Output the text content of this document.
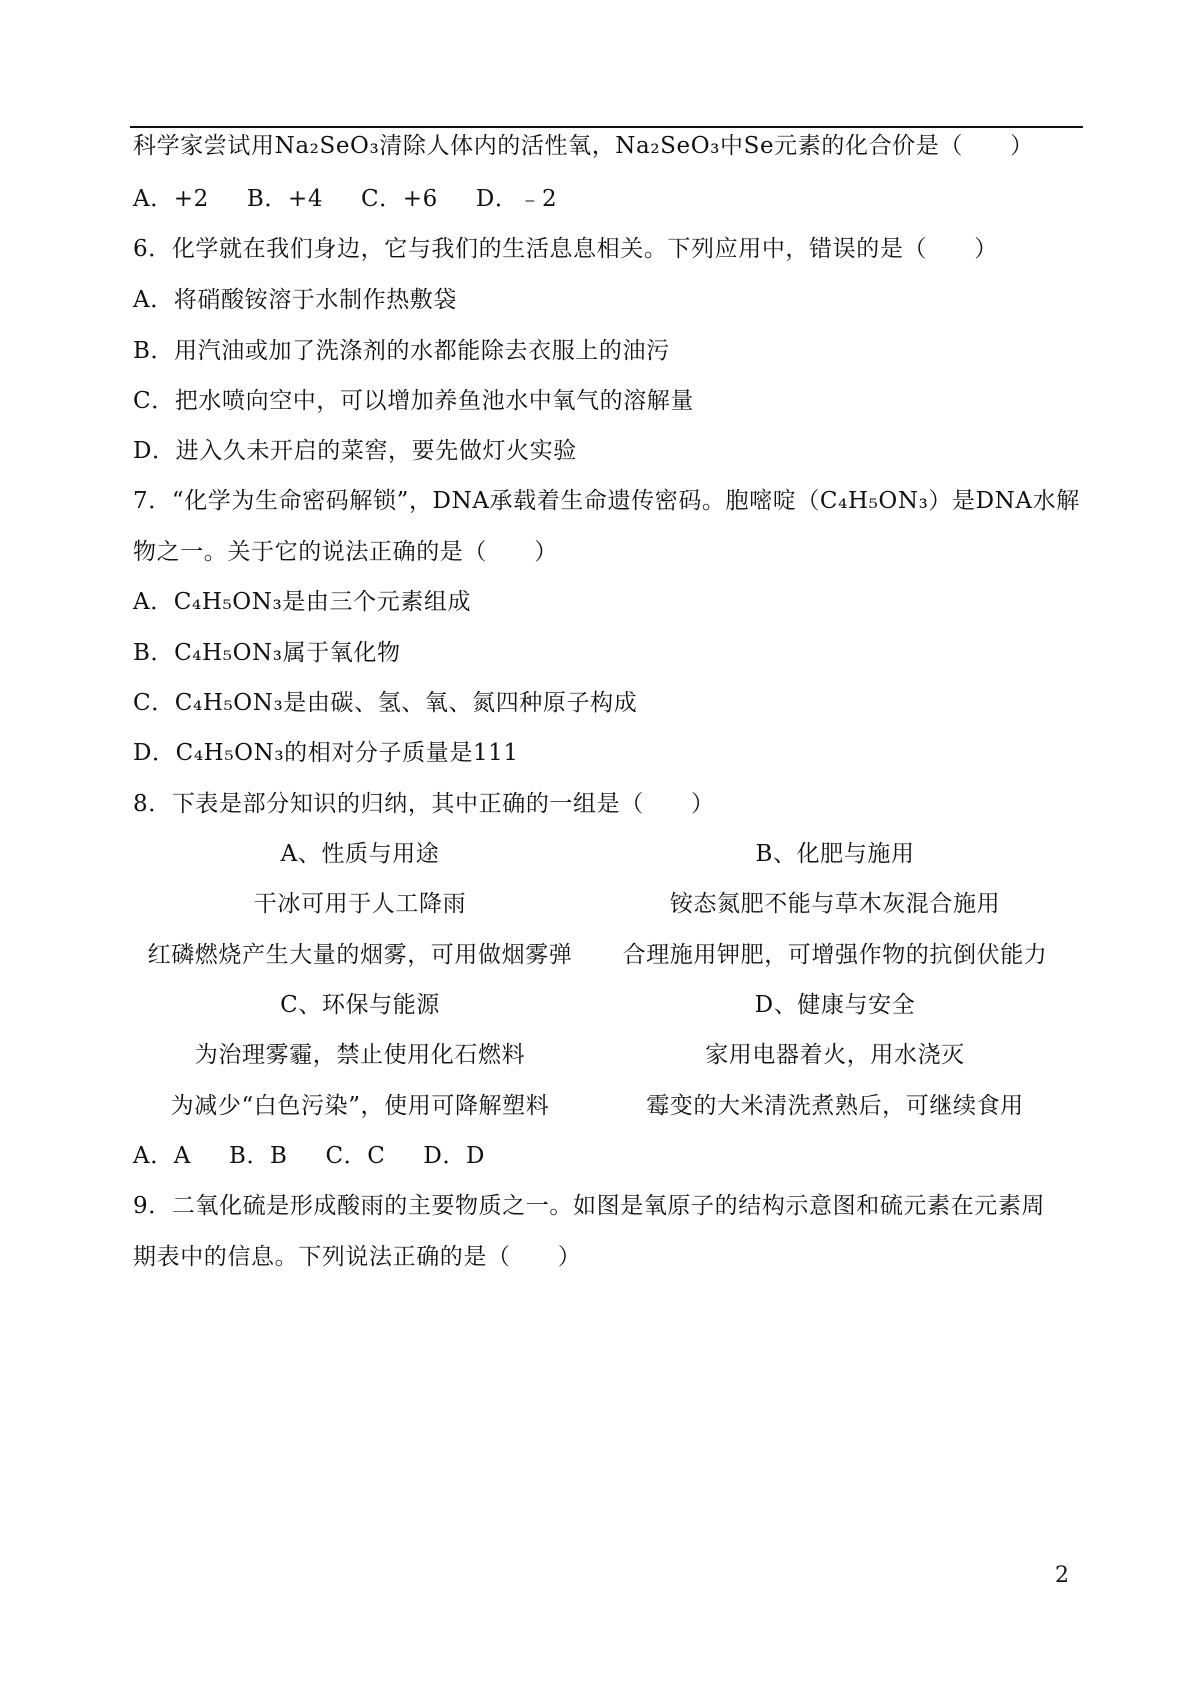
科学家尝试用Na₂SeO₃清除人体内的活性氧，Na₂SeO₃中Se元素的化合价是（　　）
A．+2 B．+4 C．+6 D．﹣2
6．化学就在我们身边，它与我们的生活息息相关。下列应用中，错误的是（　　）
A．将硝酸铵溶于水制作热敷袋
B．用汽油或加了洗涤剂的水都能除去衣服上的油污
C．把水喷向空中，可以增加养鱼池水中氧气的溶解量
D．进入久未开启的菜窖，要先做灯火实验
7．“化学为生命密码解锁”，DNA承载着生命遗传密码。胞嘧啶（C₄H₅ON₃）是DNA水解
物之一。关于它的说法正确的是（　　）
A．C₄H₅ON₃是由三个元素组成
B．C₄H₅ON₃属于氧化物
C．C₄H₅ON₃是由碳、氢、氧、氮四种原子构成
D．C₄H₅ON₃的相对分子质量是111
8．下表是部分知识的归纳，其中正确的一组是（　　）
A、性质与用途	B、化肥与施用
干冰可用于人工降雨	铵态氮肥不能与草木灰混合施用
红磷燃烧产生大量的烟雾，可用做烟雾弹	合理施用钾肥，可增强作物的抗倒伏能力
C、环保与能源	D、健康与安全
为治理雾霾，禁止使用化石燃料	家用电器着火，用水浇灭
为减少“白色污染”，使用可降解塑料	霉变的大米清洗煮熟后，可继续食用
A．A B．B C．C D．D
9．二氧化硫是形成酸雨的主要物质之一。如图是氧原子的结构示意图和硫元素在元素周
期表中的信息。下列说法正确的是（　　）
2
